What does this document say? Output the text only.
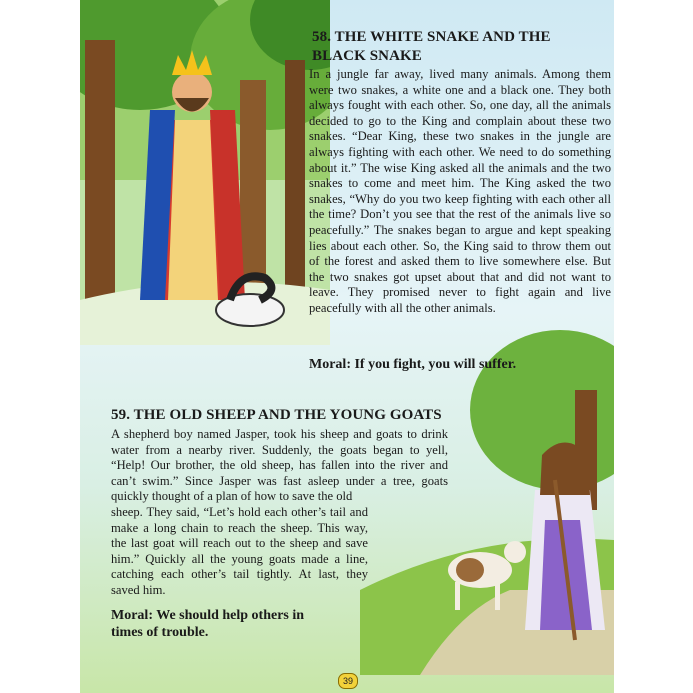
58. THE WHITE SNAKE AND THE
BLACK SNAKE

In a jungle far away, lived many animals. Among them were two snakes, a white one and a black one. They both always fought with each other. So, one day, all the animals decided to go to the King and complain about these two snakes. “Dear King, these two snakes in the jungle are always fighting with each other. We need to do something about it.” The wise King asked all the animals and the two snakes to come and meet him. The King asked the two snakes, “Why do you two keep fighting with each other all the time? Don’t you see that the rest of the animals live so peacefully.” The snakes began to argue and kept speaking lies about each other. So, the King said to throw them out of the forest and asked them to live somewhere else. But the two snakes got upset about that and did not want to leave. They promised never to fight again and live peacefully with all the other animals.

Moral: If you fight, you will suffer.

59. THE OLD SHEEP AND THE YOUNG GOATS

A shepherd boy named Jasper, took his sheep and goats to drink water from a nearby river. Suddenly, the goats began to yell, “Help! Our brother, the old sheep, has fallen into the river and can’t swim.” Since Jasper was fast asleep under a tree, goats quickly thought of a plan of how to save the old

sheep. They said, “Let’s hold each other’s tail and make a long chain to reach the sheep. This way, the last goat will reach out to the sheep and save him.” Quickly all the young goats made a line, catching each other’s tail tightly. At last, they saved him.

Moral: We should help others in
times of trouble.

39
